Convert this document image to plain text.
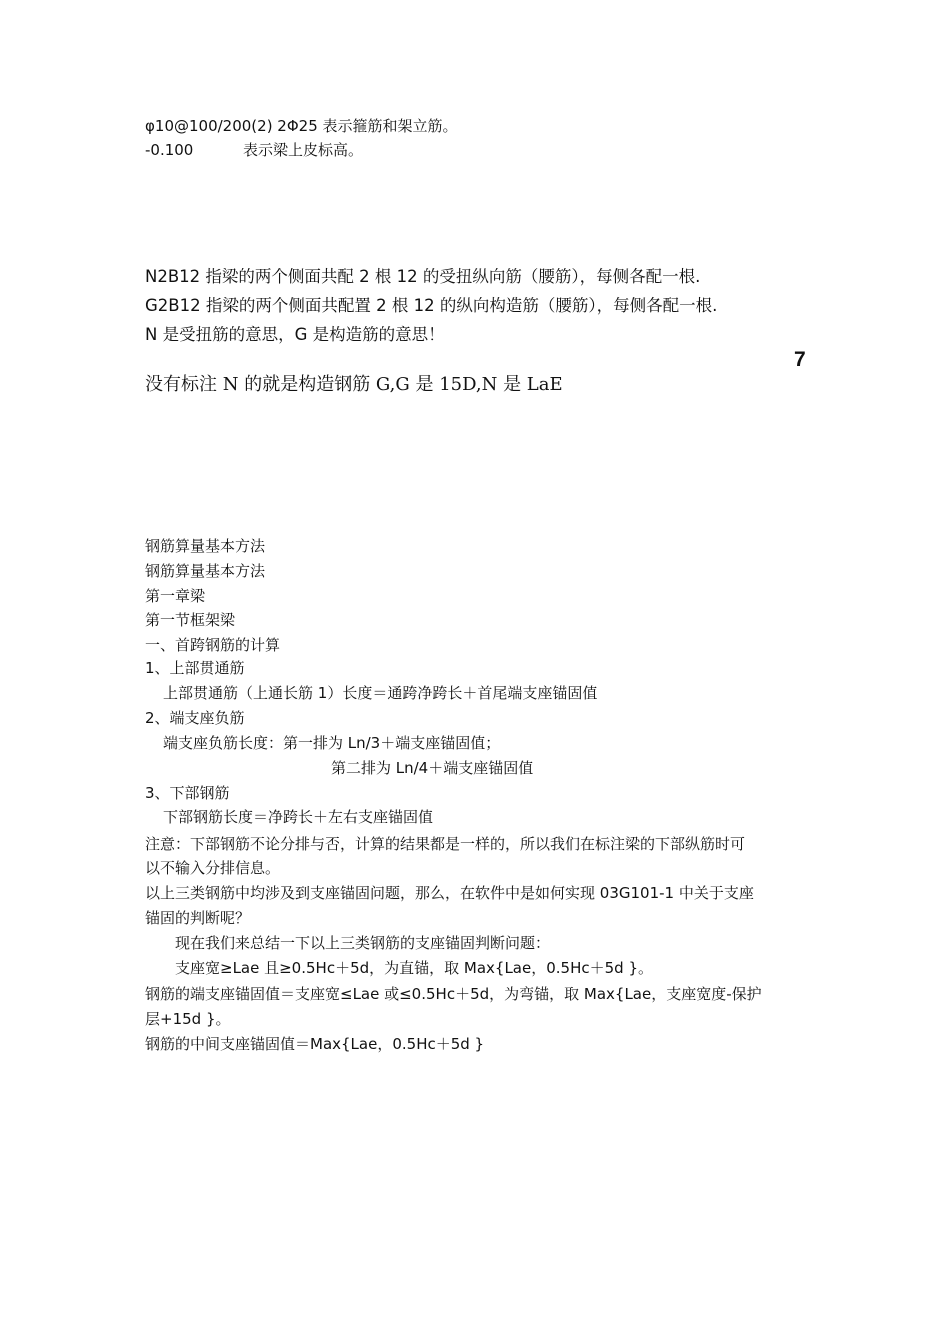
φ10@100/200(2) 2Φ25 表示箍筋和架立筋。
-0.100	表示梁上皮标高。
N2B12 指梁的两个侧面共配 2 根 12 的受扭纵向筋（腰筋），每侧各配一根.
G2B12 指梁的两个侧面共配置 2 根 12 的纵向构造筋（腰筋），每侧各配一根.
N 是受扭筋的意思，G 是构造筋的意思！
7
没有标注 N 的就是构造钢筋 G,G 是 15D,N 是 LaE
钢筋算量基本方法
钢筋算量基本方法
第一章梁
第一节框架梁
一、首跨钢筋的计算
1、上部贯通筋
上部贯通筋（上通长筋 1）长度＝通跨净跨长＋首尾端支座锚固值
2、端支座负筋
端支座负筋长度：第一排为 Ln/3＋端支座锚固值；
第二排为 Ln/4＋端支座锚固值
3、下部钢筋
下部钢筋长度＝净跨长＋左右支座锚固值
注意：下部钢筋不论分排与否，计算的结果都是一样的，所以我们在标注梁的下部纵筋时可
以不输入分排信息。
以上三类钢筋中均涉及到支座锚固问题，那么，在软件中是如何实现 03G101-1 中关于支座
锚固的判断呢？
现在我们来总结一下以上三类钢筋的支座锚固判断问题：
支座宽≥Lae 且≥0.5Hc＋5d，为直锚，取 Max{Lae，0.5Hc＋5d }。
钢筋的端支座锚固值＝支座宽≤Lae 或≤0.5Hc＋5d，为弯锚，取 Max{Lae，支座宽度-保护
层+15d }。
钢筋的中间支座锚固值＝Max{Lae，0.5Hc＋5d }
